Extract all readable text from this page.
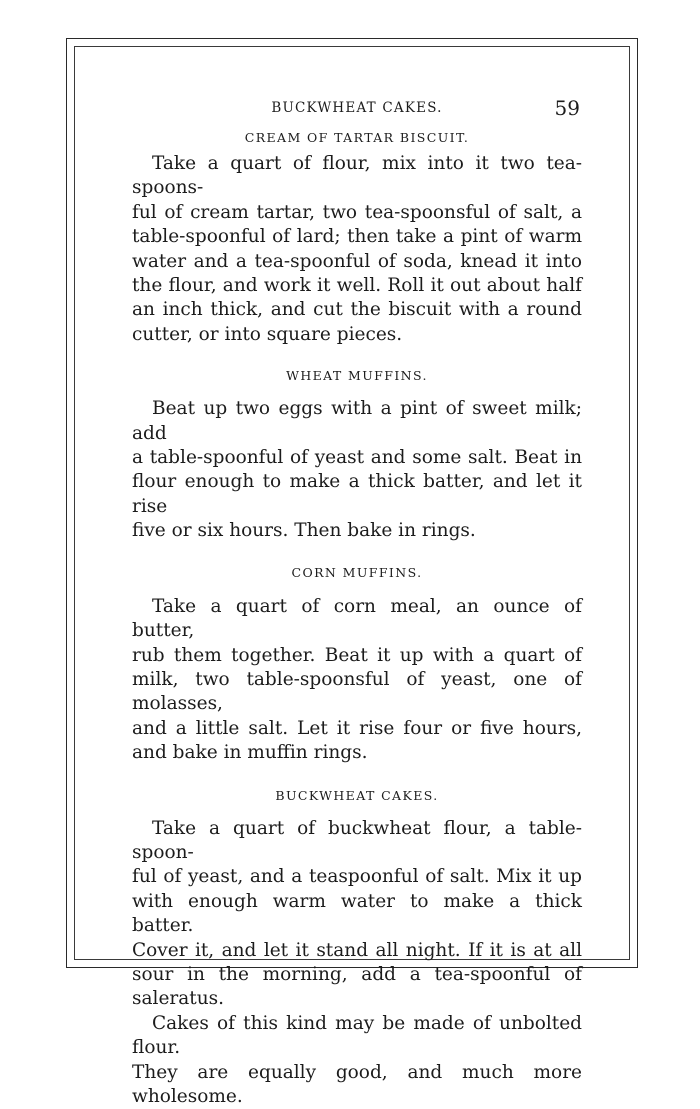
BUCKWHEAT CAKES.	59

CREAM OF TARTAR BISCUIT.

Take a quart of flour, mix into it two tea-spoons-
ful of cream tartar, two tea-spoonsful of salt, a
table-spoonful of lard; then take a pint of warm
water and a tea-spoonful of soda, knead it into
the flour, and work it well. Roll it out about half
an inch thick, and cut the biscuit with a round
cutter, or into square pieces.

WHEAT MUFFINS.

Beat up two eggs with a pint of sweet milk; add
a table-spoonful of yeast and some salt. Beat in
flour enough to make a thick batter, and let it rise
five or six hours. Then bake in rings.

CORN MUFFINS.

Take a quart of corn meal, an ounce of butter,
rub them together. Beat it up with a quart of
milk, two table-spoonsful of yeast, one of molasses,
and a little salt. Let it rise four or five hours,
and bake in muffin rings.

BUCKWHEAT CAKES.

Take a quart of buckwheat flour, a table-spoon-
ful of yeast, and a teaspoonful of salt. Mix it up
with enough warm water to make a thick batter.
Cover it, and let it stand all night. If it is at all
sour in the morning, add a tea-spoonful of saleratus.
Cakes of this kind may be made of unbolted flour.
They are equally good, and much more wholesome.
